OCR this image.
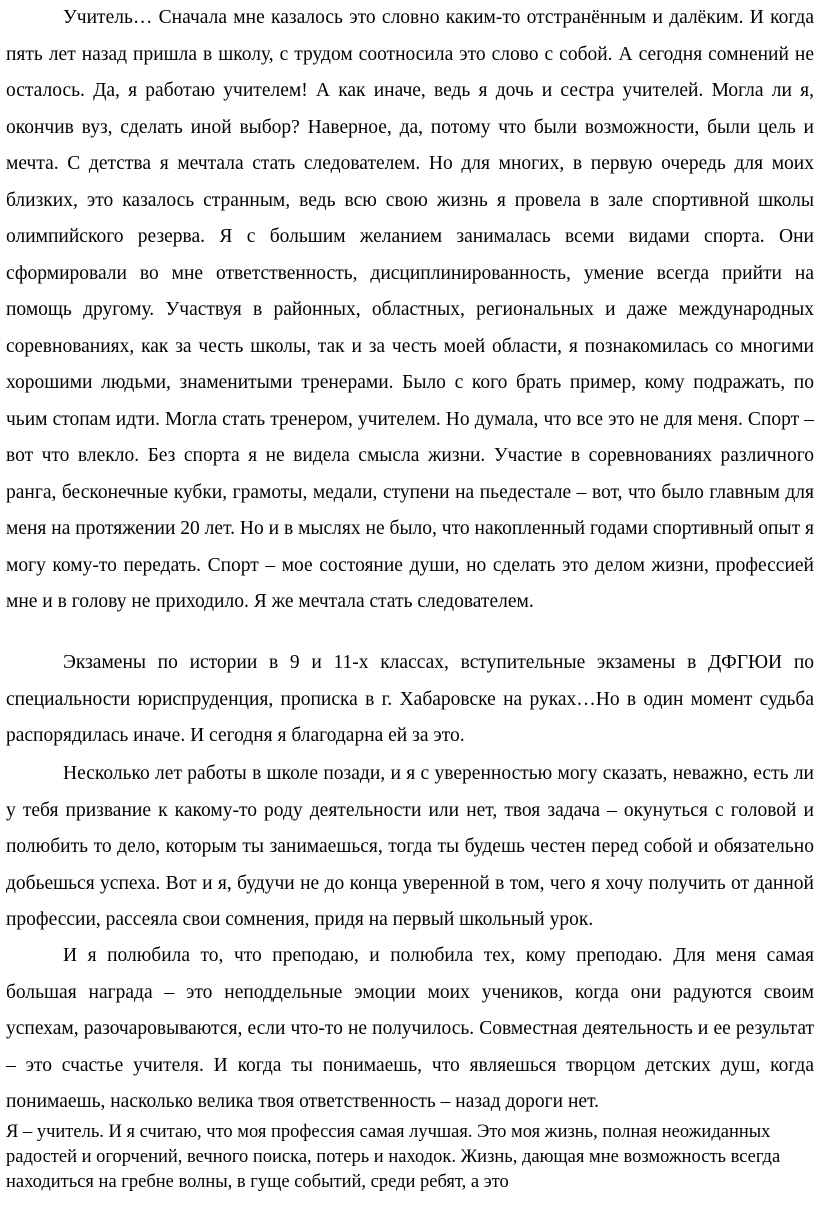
Учитель… Сначала мне казалось это словно каким-то отстранённым и далёким. И когда пять лет назад пришла в школу, с трудом соотносила это слово с собой. А сегодня сомнений не осталось. Да, я работаю учителем! А как иначе, ведь я дочь и сестра учителей. Могла ли я, окончив вуз, сделать иной выбор? Наверное, да, потому что были возможности, были цель и мечта. С детства я мечтала стать следователем. Но для многих, в первую очередь для моих близких, это казалось странным, ведь всю свою жизнь я провела в зале спортивной школы олимпийского резерва. Я с большим желанием занималась всеми видами спорта. Они сформировали во мне ответственность, дисциплинированность, умение всегда прийти на помощь другому. Участвуя в районных, областных, региональных и даже международных соревнованиях, как за честь школы, так и за честь моей области, я познакомилась со многими хорошими людьми, знаменитыми тренерами. Было с кого брать пример, кому подражать, по чьим стопам идти. Могла стать тренером, учителем. Но думала, что все это не для меня. Спорт –вот что влекло. Без спорта я не видела смысла жизни. Участие в соревнованиях различного ранга, бесконечные кубки, грамоты, медали, ступени на пьедестале – вот, что было главным для меня на протяжении 20 лет. Но и в мыслях не было, что накопленный годами спортивный опыт я могу кому-то передать. Спорт – мое состояние души, но сделать это делом жизни, профессией мне и в голову не приходило. Я же мечтала стать следователем.

Экзамены по истории в 9 и 11-х классах, вступительные экзамены в ДФГЮИ по специальности юриспруденция, прописка в г. Хабаровске на руках…Но в один момент судьба распорядилась иначе. И сегодня я благодарна ей за это.

Несколько лет работы в школе позади, и я с уверенностью могу сказать, неважно, есть ли у тебя призвание к какому-то роду деятельности или нет, твоя задача – окунуться с головой и полюбить то дело, которым ты занимаешься, тогда ты будешь честен перед собой и обязательно добьешься успеха. Вот и я, будучи не до конца уверенной в том, чего я хочу получить от данной профессии, рассеяла свои сомнения, придя на первый школьный урок.

И я полюбила то, что преподаю, и полюбила тех, кому преподаю. Для меня самая большая награда – это неподдельные эмоции моих учеников, когда они радуются своим успехам, разочаровываются, если что-то не получилось. Совместная деятельность и ее результат – это счастье учителя. И когда ты понимаешь, что являешься творцом детских душ, когда понимаешь, насколько велика твоя ответственность – назад дороги нет.

Я – учитель. И я считаю, что моя профессия самая лучшая. Это моя жизнь, полная неожиданных радостей и огорчений, вечного поиска, потерь и находок. Жизнь, дающая мне возможность всегда находиться на гребне волны, в гуще событий, среди ребят, а это
